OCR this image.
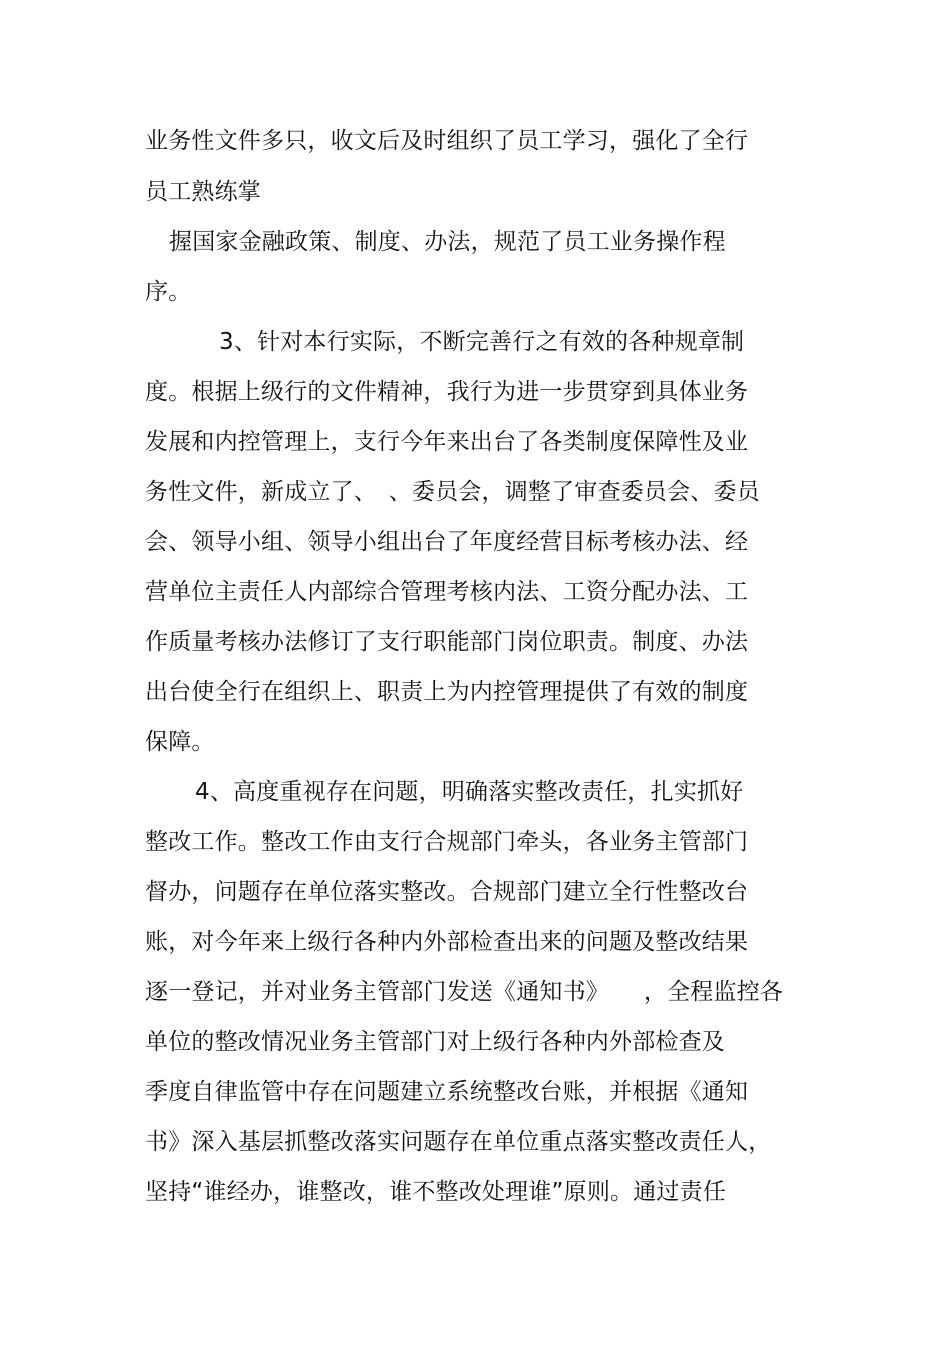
业务性文件多只，收文后及时组织了员工学习，强化了全行
员工熟练掌
握国家金融政策、制度、办法，规范了员工业务操作程
序。
3、针对本行实际，不断完善行之有效的各种规章制
度。根据上级行的文件精神，我行为进一步贯穿到具体业务
发展和内控管理上，支行今年来出台了各类制度保障性及业
务性文件，新成立了、　、委员会，调整了审查委员会、委员
会、领导小组、领导小组出台了年度经营目标考核办法、经
营单位主责任人内部综合管理考核内法、工资分配办法、工
作质量考核办法修订了支行职能部门岗位职责。制度、办法
出台使全行在组织上、职责上为内控管理提供了有效的制度
保障。
4、高度重视存在问题，明确落实整改责任，扎实抓好
整改工作。整改工作由支行合规部门牵头，各业务主管部门
督办，问题存在单位落实整改。合规部门建立全行性整改台
账，对今年来上级行各种内外部检查出来的问题及整改结果
逐一登记，并对业务主管部门发送《通知书》　　，全程监控各
单位的整改情况业务主管部门对上级行各种内外部检查及
季度自律监管中存在问题建立系统整改台账，并根据《通知
书》深入基层抓整改落实问题存在单位重点落实整改责任人，
坚持“谁经办，谁整改，谁不整改处理谁”原则。通过责任
